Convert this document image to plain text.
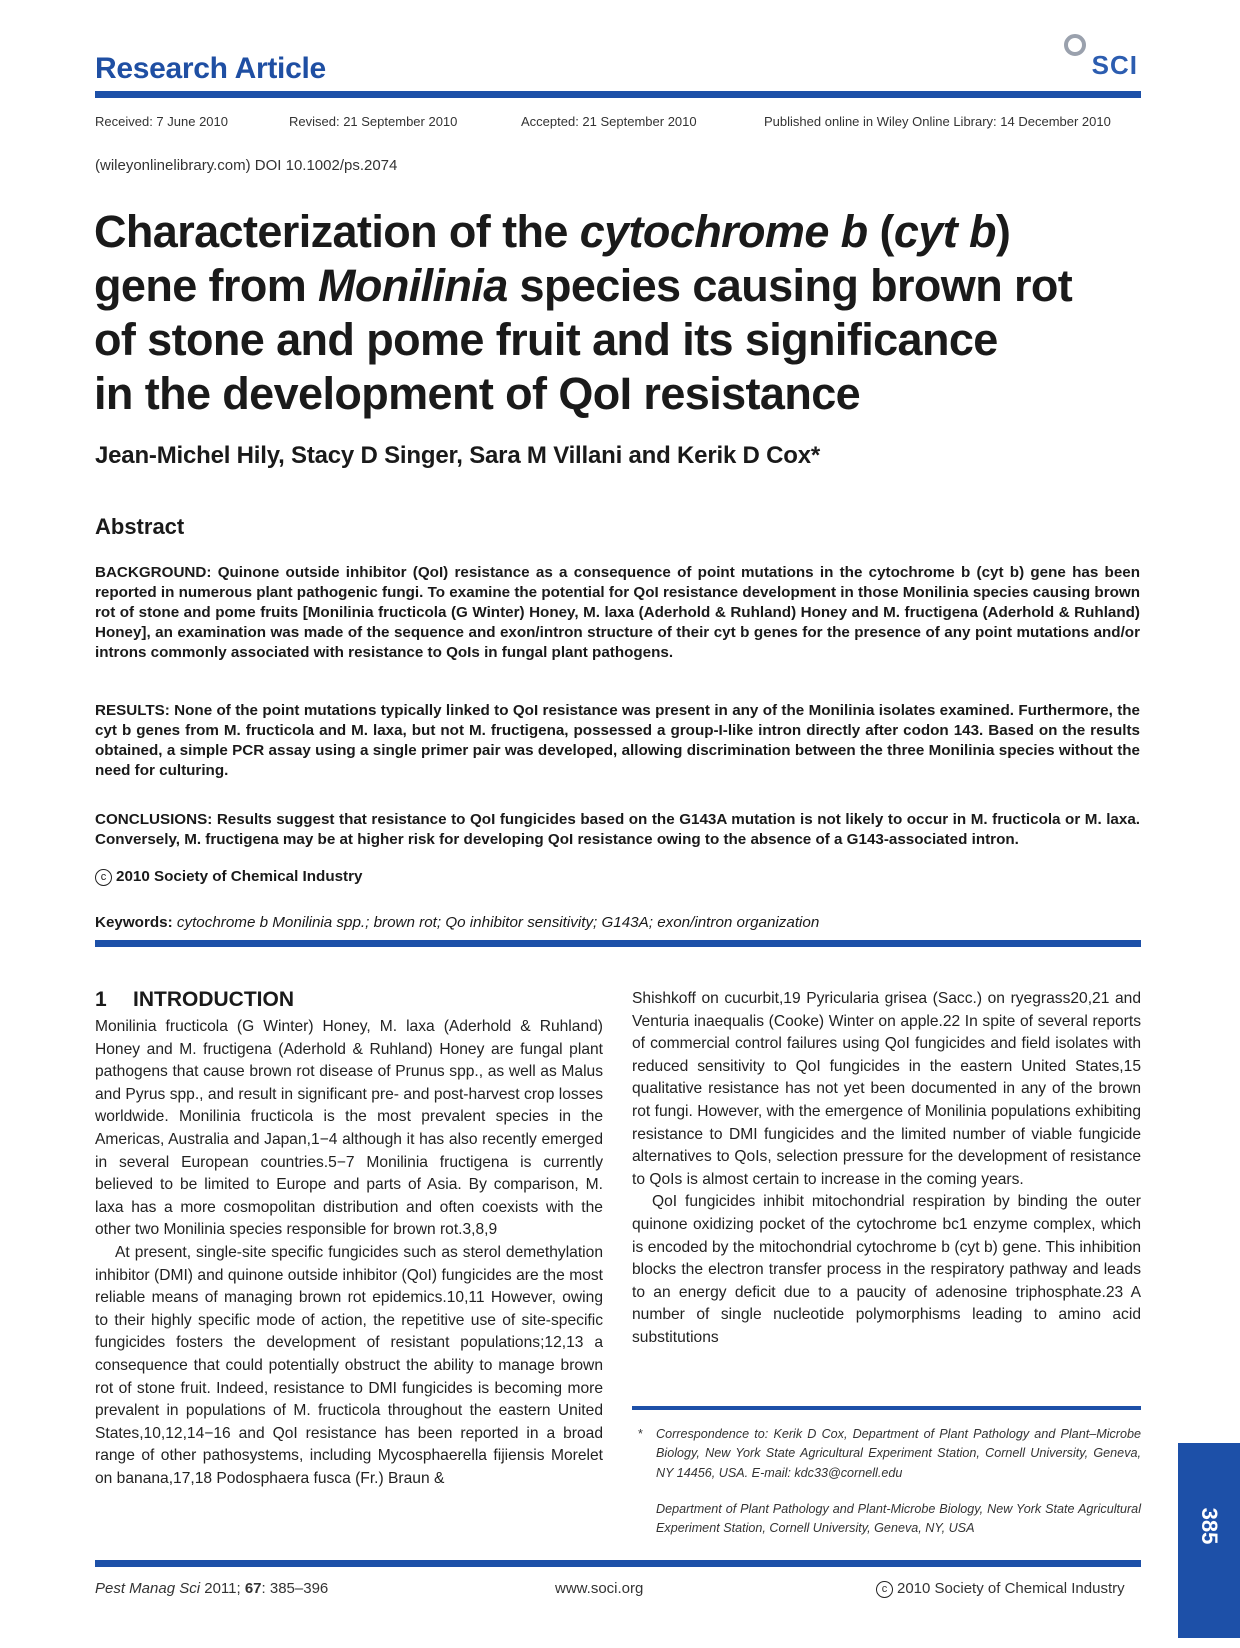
Research Article	SCI
Received: 7 June 2010	Revised: 21 September 2010	Accepted: 21 September 2010	Published online in Wiley Online Library: 14 December 2010
(wileyonlinelibrary.com) DOI 10.1002/ps.2074
Characterization of the cytochrome b (cyt b)
gene from Monilinia species causing brown rot
of stone and pome fruit and its significance
in the development of QoI resistance
Jean-Michel Hily, Stacy D Singer, Sara M Villani and Kerik D Cox*
Abstract
BACKGROUND: Quinone outside inhibitor (QoI) resistance as a consequence of point mutations in the cytochrome b (cyt b) gene has been reported in numerous plant pathogenic fungi. To examine the potential for QoI resistance development in those Monilinia species causing brown rot of stone and pome fruits [Monilinia fructicola (G Winter) Honey, M. laxa (Aderhold & Ruhland) Honey and M. fructigena (Aderhold & Ruhland) Honey], an examination was made of the sequence and exon/intron structure of their cyt b genes for the presence of any point mutations and/or introns commonly associated with resistance to QoIs in fungal plant pathogens.
RESULTS: None of the point mutations typically linked to QoI resistance was present in any of the Monilinia isolates examined. Furthermore, the cyt b genes from M. fructicola and M. laxa, but not M. fructigena, possessed a group-I-like intron directly after codon 143. Based on the results obtained, a simple PCR assay using a single primer pair was developed, allowing discrimination between the three Monilinia species without the need for culturing.
CONCLUSIONS: Results suggest that resistance to QoI fungicides based on the G143A mutation is not likely to occur in M. fructicola or M. laxa. Conversely, M. fructigena may be at higher risk for developing QoI resistance owing to the absence of a G143-associated intron.
c 2010 Society of Chemical Industry
Keywords: cytochrome b Monilinia spp.; brown rot; Qo inhibitor sensitivity; G143A; exon/intron organization
1 INTRODUCTION

Monilinia fructicola (G Winter) Honey, M. laxa (Aderhold & Ruhland) Honey and M. fructigena (Aderhold & Ruhland) Honey are fungal plant pathogens that cause brown rot disease of Prunus spp., as well as Malus and Pyrus spp., and result in significant pre- and post-harvest crop losses worldwide. Monilinia fructicola is the most prevalent species in the Americas, Australia and Japan,1−4 although it has also recently emerged in several European countries.5−7 Monilinia fructigena is currently believed to be limited to Europe and parts of Asia. By comparison, M. laxa has a more cosmopolitan distribution and often coexists with the other two Monilinia species responsible for brown rot.3,8,9

At present, single-site specific fungicides such as sterol demethylation inhibitor (DMI) and quinone outside inhibitor (QoI) fungicides are the most reliable means of managing brown rot epidemics.10,11 However, owing to their highly specific mode of action, the repetitive use of site-specific fungicides fosters the development of resistant populations;12,13 a consequence that could potentially obstruct the ability to manage brown rot of stone fruit. Indeed, resistance to DMI fungicides is becoming more prevalent in populations of M. fructicola throughout the eastern United States,10,12,14−16 and QoI resistance has been reported in a broad range of other pathosystems, including Mycosphaerella fijiensis Morelet on banana,17,18 Podosphaera fusca (Fr.) Braun &

Shishkoff on cucurbit,19 Pyricularia grisea (Sacc.) on ryegrass20,21 and Venturia inaequalis (Cooke) Winter on apple.22 In spite of several reports of commercial control failures using QoI fungicides and field isolates with reduced sensitivity to QoI fungicides in the eastern United States,15 qualitative resistance has not yet been documented in any of the brown rot fungi. However, with the emergence of Monilinia populations exhibiting resistance to DMI fungicides and the limited number of viable fungicide alternatives to QoIs, selection pressure for the development of resistance to QoIs is almost certain to increase in the coming years.

QoI fungicides inhibit mitochondrial respiration by binding the outer quinone oxidizing pocket of the cytochrome bc1 enzyme complex, which is encoded by the mitochondrial cytochrome b (cyt b) gene. This inhibition blocks the electron transfer process in the respiratory pathway and leads to an energy deficit due to a paucity of adenosine triphosphate.23 A number of single nucleotide polymorphisms leading to amino acid substitutions

* Correspondence to: Kerik D Cox, Department of Plant Pathology and Plant–Microbe Biology, New York State Agricultural Experiment Station, Cornell University, Geneva, NY 14456, USA. E-mail: kdc33@cornell.edu
Department of Plant Pathology and Plant-Microbe Biology, New York State Agricultural Experiment Station, Cornell University, Geneva, NY, USA	385
Pest Manag Sci 2011; 67: 385–396	www.soci.org	c 2010 Society of Chemical Industry
